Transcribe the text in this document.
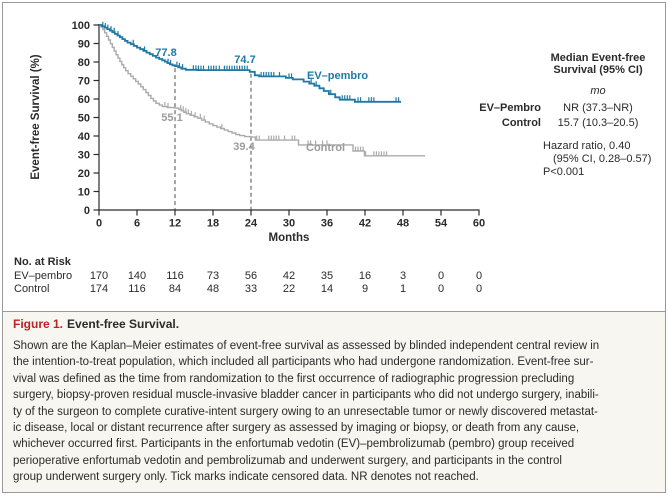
0
10
20
30
40
50
60
70
80
90
100
0	6	12 18 24 30 36 42 48 54 60
Event-free Survival (%)
Months
77.8
74.7
55.1
39.4
EV–pembro
Control
Median Event-free
Survival (95% CI)
mo
EV–Pembro	NR (37.3–NR)
Control	15.7 (10.3–20.5)
Hazard ratio, 0.40
(95% CI, 0.28–0.57)
P<0.001
No. at Risk
EV–pembro	170	140	116	73	56	42	35	16	3	0	0
Control	174	116	84	48	33	22	14	9	1	0	0
Figure 1. Event-free Survival.
Shown are the Kaplan–Meier estimates of event-free survival as assessed by blinded independent central review in
the intention-to-treat population, which included all participants who had undergone randomization. Event-free sur-
vival was defined as the time from randomization to the first occurrence of radiographic progression precluding
surgery, biopsy-proven residual muscle-invasive bladder cancer in participants who did not undergo surgery, inabili-
ty of the surgeon to complete curative-intent surgery owing to an unresectable tumor or newly discovered metastat-
ic disease, local or distant recurrence after surgery as assessed by imaging or biopsy, or death from any cause,
whichever occurred first. Participants in the enfortumab vedotin (EV)–pembrolizumab (pembro) group received
perioperative enfortumab vedotin and pembrolizumab and underwent surgery, and participants in the control
group underwent surgery only. Tick marks indicate censored data. NR denotes not reached.
